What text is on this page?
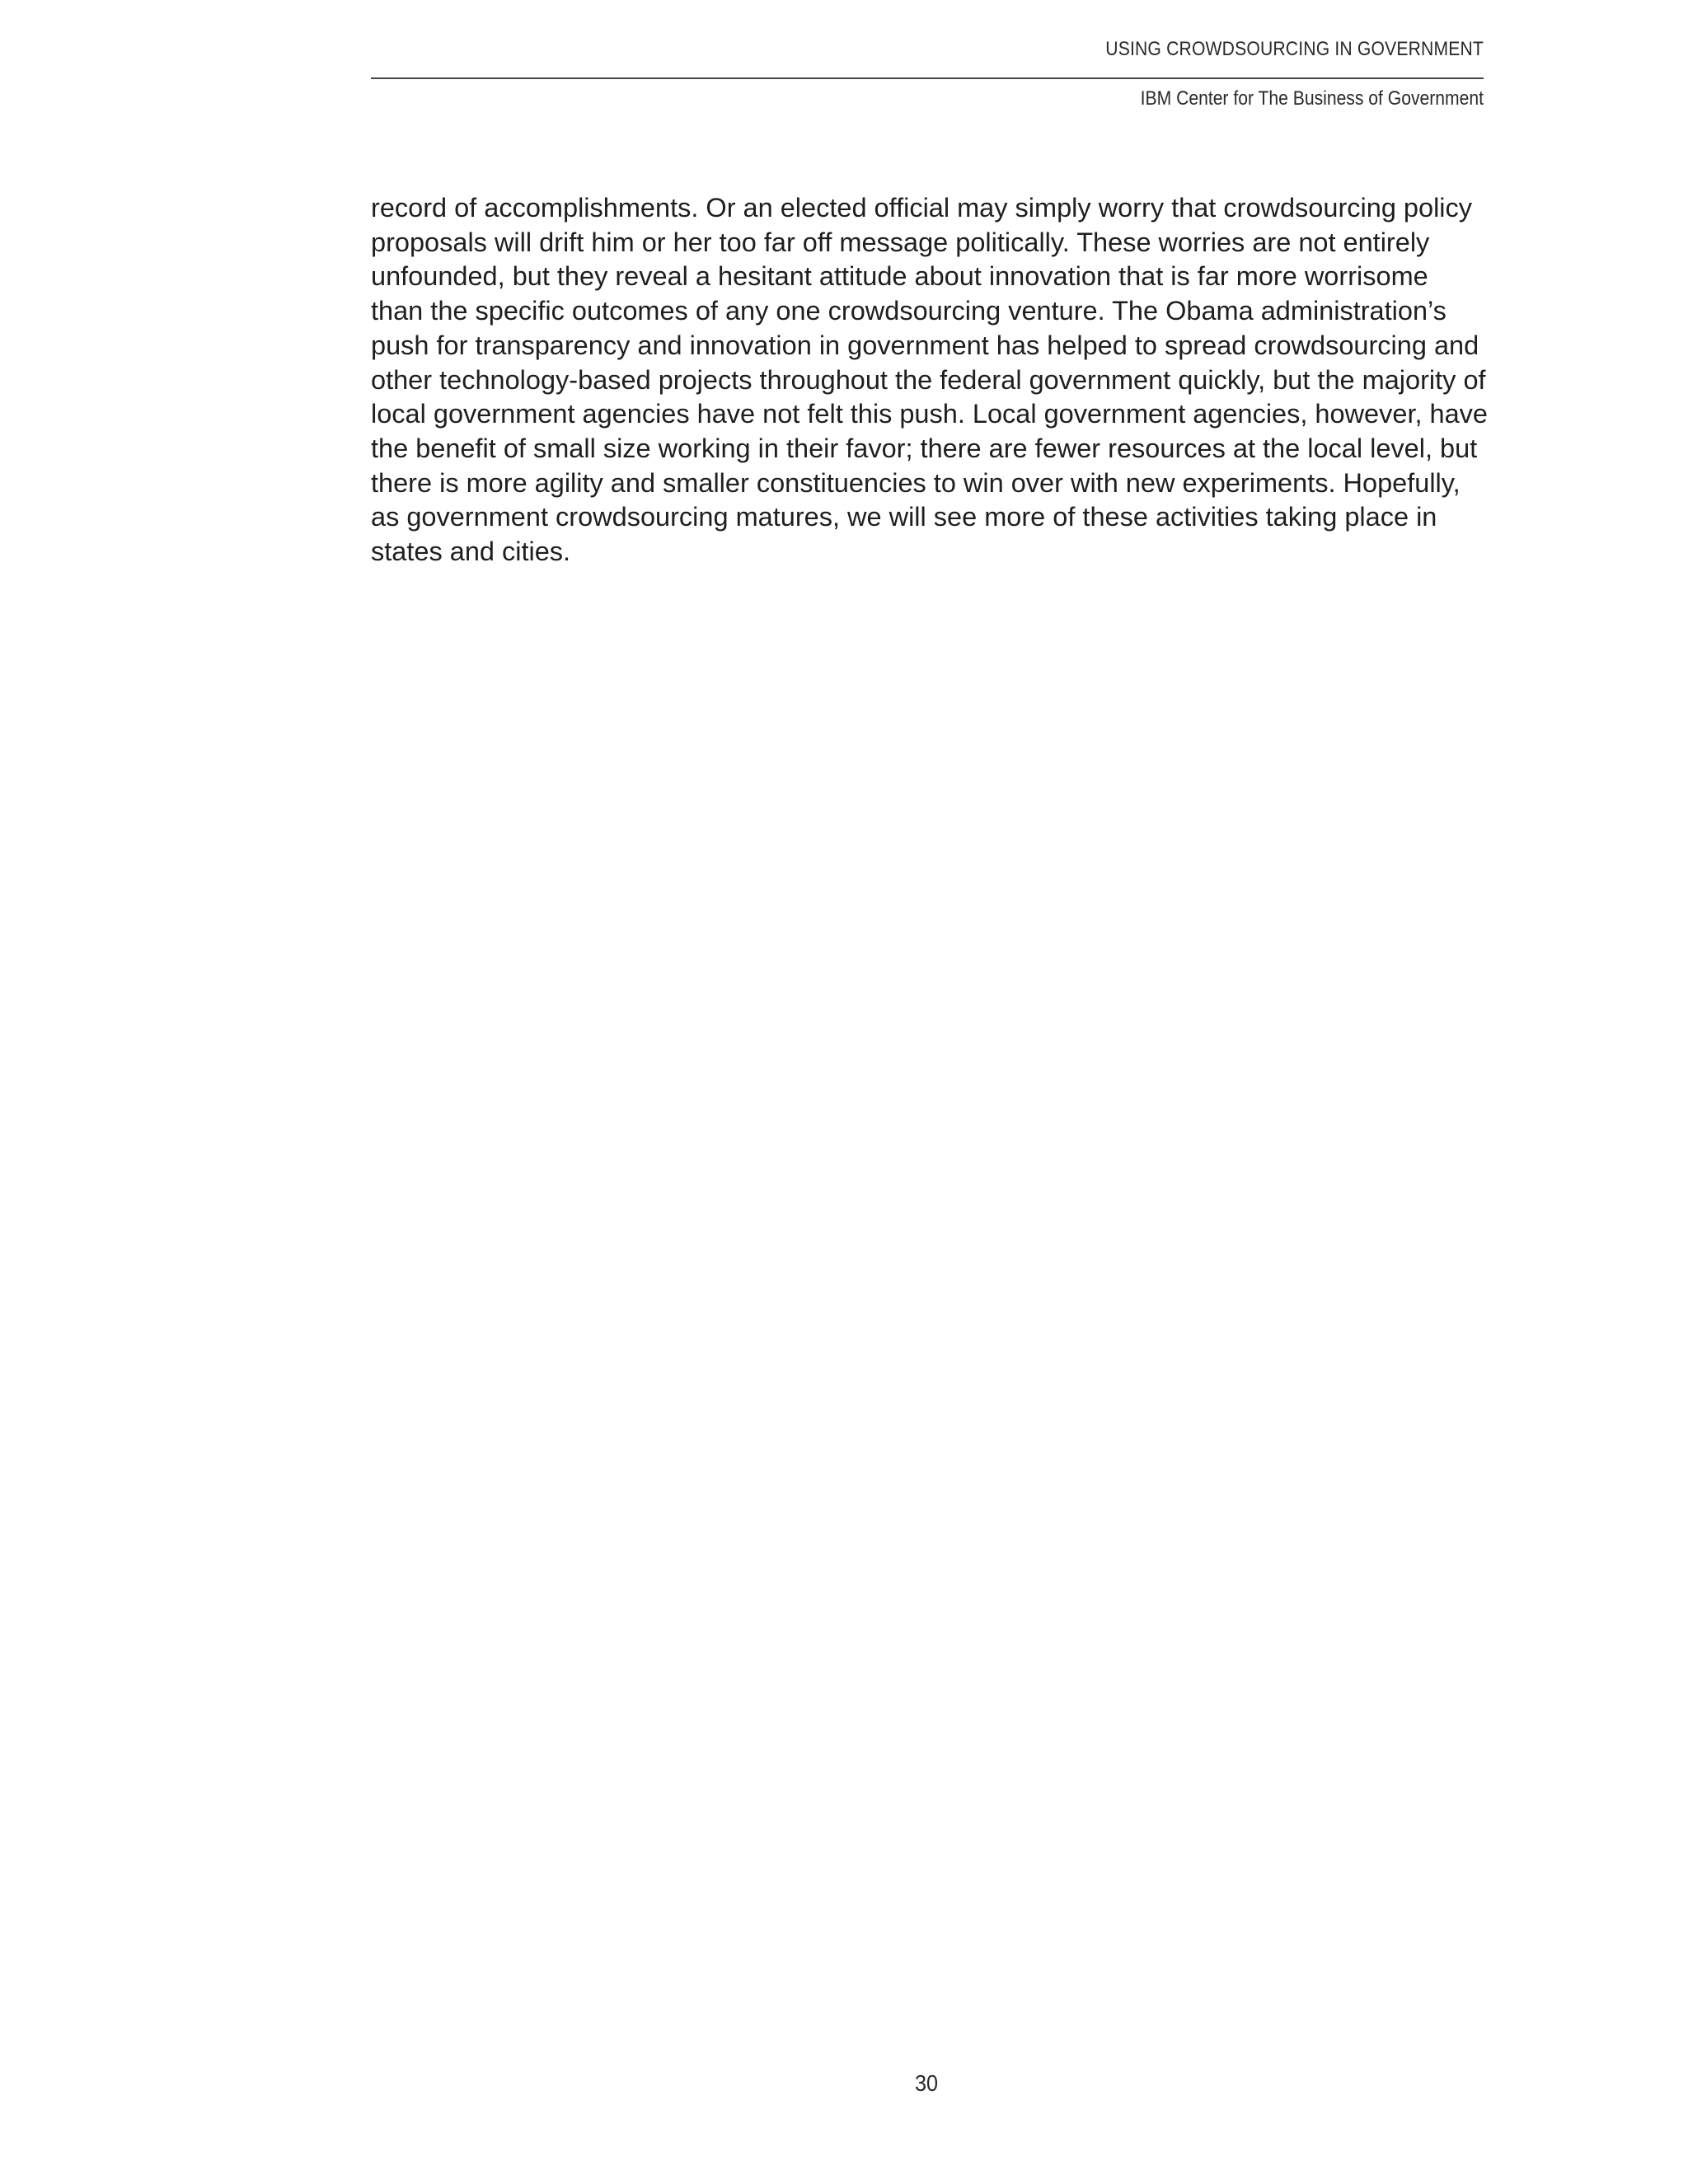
USING CROWDSOURCING IN GOVERNMENT
IBM Center for The Business of Government

record of accomplishments. Or an elected official may simply worry that crowdsourcing policy
proposals will drift him or her too far off message politically. These worries are not entirely
unfounded, but they reveal a hesitant attitude about innovation that is far more worrisome
than the specific outcomes of any one crowdsourcing venture. The Obama administration’s
push for transparency and innovation in government has helped to spread crowdsourcing and
other technology-based projects throughout the federal government quickly, but the majority of
local government agencies have not felt this push. Local government agencies, however, have
the benefit of small size working in their favor; there are fewer resources at the local level, but
there is more agility and smaller constituencies to win over with new experiments. Hopefully,
as government crowdsourcing matures, we will see more of these activities taking place in
states and cities.

30
